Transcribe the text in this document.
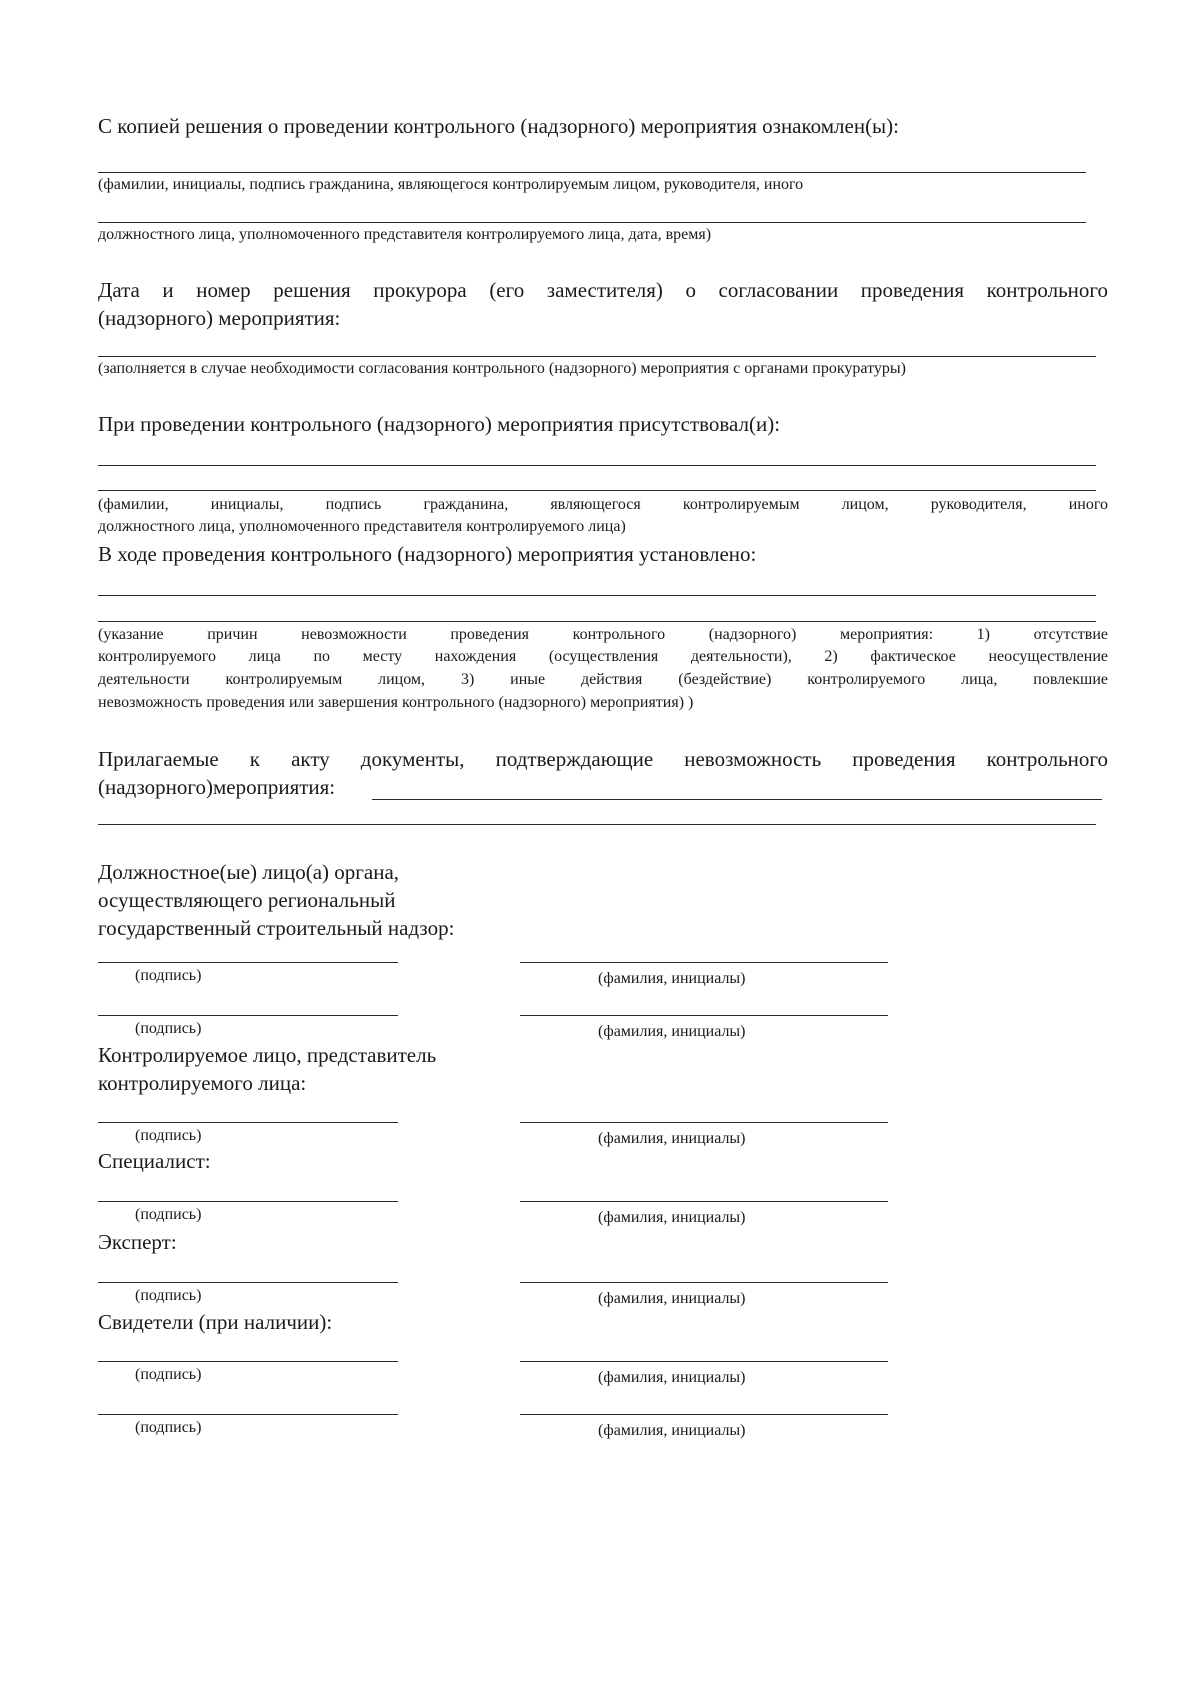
С копией решения о проведении контрольного (надзорного) мероприятия ознакомлен(ы):
(фамилии, инициалы, подпись гражданина, являющегося контролируемым лицом, руководителя, иного
должностного лица, уполномоченного представителя контролируемого лица, дата, время)
Дата и номер решения прокурора (его заместителя) о согласовании проведения контрольного
(надзорного) мероприятия:
(заполняется в случае необходимости согласования контрольного (надзорного) мероприятия с органами прокуратуры)
При проведении контрольного (надзорного) мероприятия присутствовал(и):
(фамилии, инициалы, подпись гражданина, являющегося контролируемым лицом, руководителя, иного
должностного лица, уполномоченного представителя контролируемого лица)
В ходе проведения контрольного (надзорного) мероприятия установлено:
(указание причин невозможности проведения контрольного (надзорного) мероприятия: 1) отсутствие
контролируемого лица по месту нахождения (осуществления деятельности), 2) фактическое неосуществление
деятельности контролируемым лицом, 3) иные действия (бездействие) контролируемого лица, повлекшие
невозможность проведения или завершения контрольного (надзорного) мероприятия) )
Прилагаемые к акту документы, подтверждающие невозможность проведения контрольного
(надзорного)мероприятия:
Должностное(ые) лицо(а) органа,
осуществляющего региональный
государственный строительный надзор:
(подпись)	(фамилия, инициалы)
(подпись)	(фамилия, инициалы)
Контролируемое лицо, представитель
контролируемого лица:
(подпись)	(фамилия, инициалы)
Специалист:
(подпись)	(фамилия, инициалы)
Эксперт:
(подпись)	(фамилия, инициалы)
Свидетели (при наличии):
(подпись)	(фамилия, инициалы)
(подпись)	(фамилия, инициалы)
